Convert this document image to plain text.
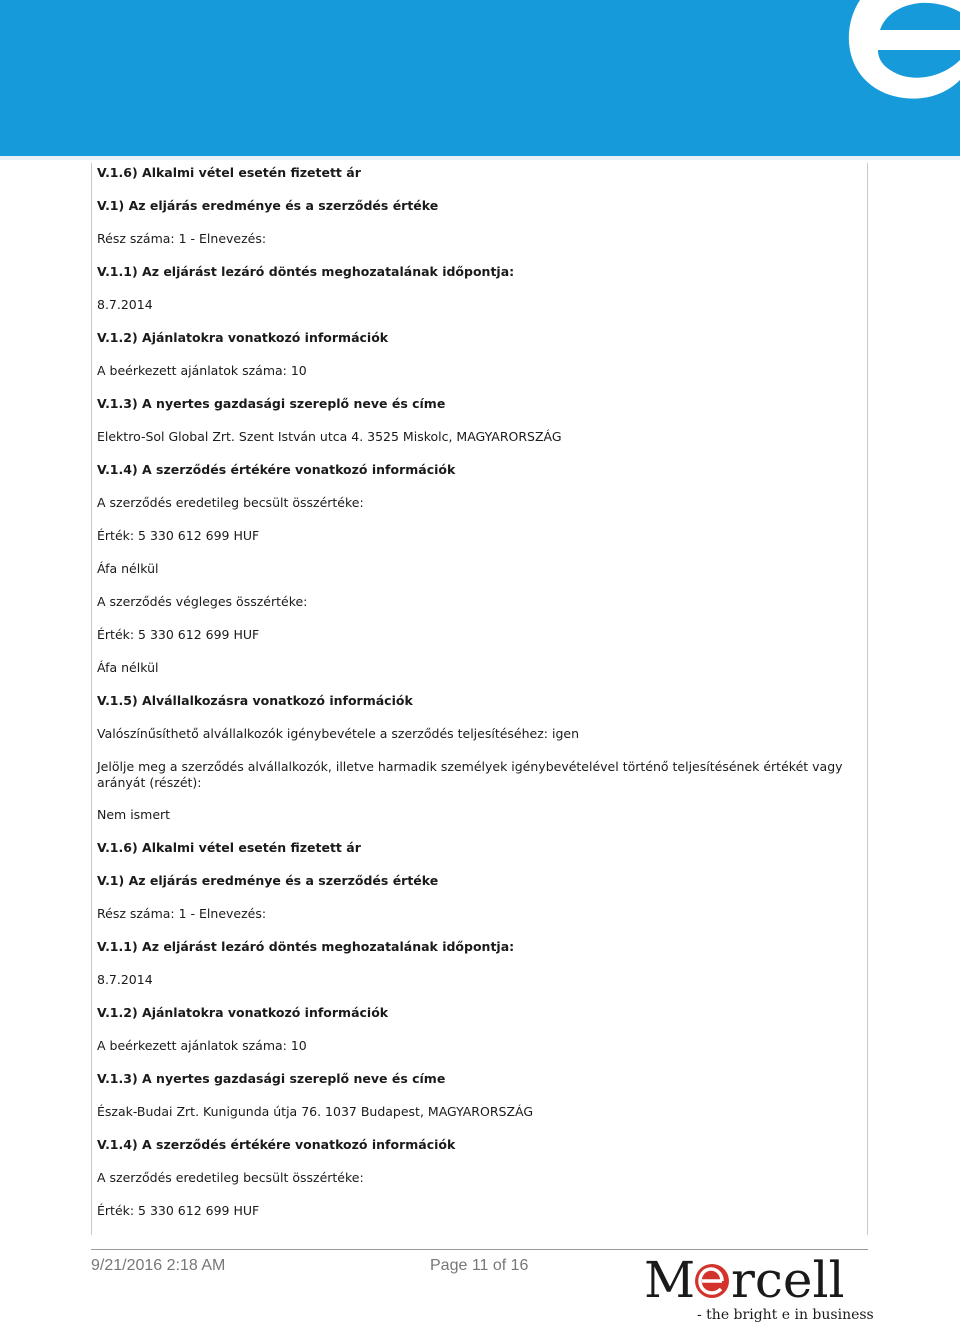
V.1.6) Alkalmi vétel esetén fizetett ár
V.1) Az eljárás eredménye és a szerződés értéke
Rész száma: 1 - Elnevezés:
V.1.1) Az eljárást lezáró döntés meghozatalának időpontja:
8.7.2014
V.1.2) Ajánlatokra vonatkozó információk
A beérkezett ajánlatok száma: 10
V.1.3) A nyertes gazdasági szereplő neve és címe
Elektro-Sol Global Zrt. Szent István utca 4. 3525 Miskolc, MAGYARORSZÁG
V.1.4) A szerződés értékére vonatkozó információk
A szerződés eredetileg becsült összértéke:
Érték: 5 330 612 699 HUF
Áfa nélkül
A szerződés végleges összértéke:
Érték: 5 330 612 699 HUF
Áfa nélkül
V.1.5) Alvállalkozásra vonatkozó információk
Valószínűsíthető alvállalkozók igénybevétele a szerződés teljesítéséhez: igen
Jelölje meg a szerződés alvállalkozók, illetve harmadik személyek igénybevételével történő teljesítésének értékét vagy arányát (részét):
Nem ismert
V.1.6) Alkalmi vétel esetén fizetett ár
V.1) Az eljárás eredménye és a szerződés értéke
Rész száma: 1 - Elnevezés:
V.1.1) Az eljárást lezáró döntés meghozatalának időpontja:
8.7.2014
V.1.2) Ajánlatokra vonatkozó információk
A beérkezett ajánlatok száma: 10
V.1.3) A nyertes gazdasági szereplő neve és címe
Észak-Budai Zrt. Kunigunda útja 76. 1037 Budapest, MAGYARORSZÁG
V.1.4) A szerződés értékére vonatkozó információk
A szerződés eredetileg becsült összértéke:
Érték: 5 330 612 699 HUF
9/21/2016 2:18 AM	Page 11 of 16 M rcell
- the bright e in business
